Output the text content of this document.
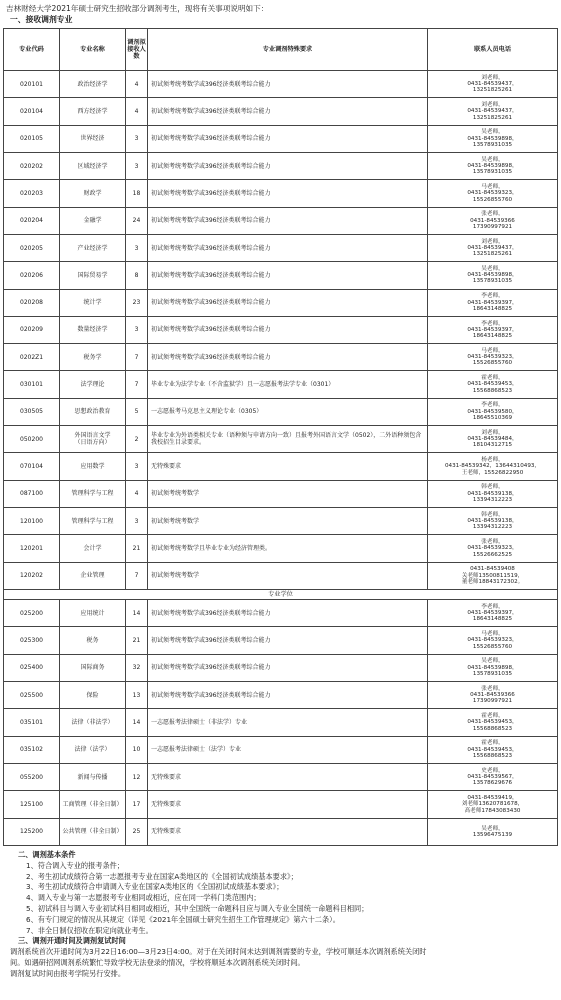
吉林财经大学2021年硕士研究生招收部分调剂考生，现将有关事项说明如下：
一、接收调剂专业
专业代码	专业名称	调剂拟接收人数	专业调剂特殊要求	联系人员电话
020101	政治经济学	4	初试须考统考数学或396经济类联考综合能力	刘老师，
0431-84539437，
13251825261
020104	西方经济学	4	初试须考统考数学或396经济类联考综合能力	刘老师，
0431-84539437，
13251825261
020105	世界经济	3	初试须考统考数学或396经济类联考综合能力	吴老师，
0431-84539898，
13578931035
020202	区域经济学	3	初试须考统考数学或396经济类联考综合能力	吴老师，
0431-84539898，
13578931035
020203	财政学	18	初试须考统考数学或396经济类联考综合能力	马老师，
0431-84539323，
15526855760
020204	金融学	24	初试须考统考数学或396经济类联考综合能力	张老师，
0431-84539366
17390997921
020205	产业经济学	3	初试须考统考数学或396经济类联考综合能力	刘老师，
0431-84539437，
13251825261
020206	国际贸易学	8	初试须考统考数学或396经济类联考综合能力	吴老师，
0431-84539898，
13578931035
020208	统计学	23	初试须考统考数学或396经济类联考综合能力	李老师，
0431-84539397，
18643148825
020209	数量经济学	3	初试须考统考数学或396经济类联考综合能力	李老师，
0431-84539397，
18643148825
0202Z1	税务学	7	初试须考统考数学或396经济类联考综合能力	马老师，
0431-84539323，
15526855760
030101	法学理论	7	毕业专业为法学专业（不含监狱学）且一志愿报考法学专业（0301）	霍老师，
0431-84539453，
15568868523
030505	思想政治教育	5	一志愿报考马克思主义理论专业（0305）	李老师，
0431-84539580，
18645510369
050200	外国语言文学
（日语方向）	2	毕业专业为外语类相关专业（语种须与申请方向一致）且报考外国语言文学（0502），二外语种须包含我校招生目录要求。	刘老师，
0431-84539484，
18104312715
070104	应用数学	3	无特殊要求	杨老师，
0431-84539342，13644310493，
王老师，15526822950
087100	管理科学与工程	4	初试须考统考数学	韩老师，
0431-84539138，
13394312223
120100	管理科学与工程	3	初试须考统考数学	韩老师，
0431-84539138，
13394312223
120201	会计学	21	初试须考统考数学且毕业专业为经济管理类。	张老师，
0431-84539323，
15526662525
120202	企业管理	7	初试须考统考数学	0431-84539408
关老师13500811519，
董老师18843172302。
专业学位				
025200	应用统计	14	初试须考统考数学或396经济类联考综合能力	李老师，
0431-84539397，
18643148825
025300	税务	21	初试须考统考数学或396经济类联考综合能力	马老师，
0431-84539323，
15526855760
025400	国际商务	32	初试须考统考数学或396经济类联考综合能力	吴老师，
0431-84539898，
13578931035
025500	保险	13	初试须考统考数学或396经济类联考综合能力	张老师，
0431-84539366
17390997921
035101	法律（非法学）	14	一志愿报考法律硕士（非法学）专业	霍老师，
0431-84539453，
15568868523
035102	法律（法学）	10	一志愿报考法律硕士（法学）专业	霍老师，
0431-84539453，
15568868523
055200	新闻与传播	12	无特殊要求	史老师，
0431-84539567，
13578629676
125100	工商管理（非全日制）	17	无特殊要求	0431-84539419，
刘老师13620781678，
高老师17843083430
125200	公共管理（非全日制）	25	无特殊要求	吴老师，
13596475139
二、调剂基本条件
1、符合调入专业的报考条件；
2、考生初试成绩符合第一志愿报考专业在国家A类地区的《全国初试成绩基本要求》；
3、考生初试成绩符合申请调入专业在国家A类地区的《全国初试成绩基本要求》；
4、调入专业与第一志愿报考专业相同或相近，应在同一学科门类范围内；
5、初试科目与调入专业初试科目相同或相近，其中全国统一命题科目应与调入专业全国统一命题科目相同；
6、有专门规定的情况从其规定（详见《2021年全国硕士研究生招生工作管理规定》第六十二条）。
7、非全日制仅招收在职定向就业考生。
三、调剂开通时间及调剂复试时间
调剂系统首次开通时间为3月22日16:00—3月23日4:00。对于在关闭时间未达到调剂需要的专业，学校可顺延本次调剂系统关闭时
间。如遇研招网调剂系统繁忙导致学校无法登录的情况，学校将顺延本次调剂系统关闭时间。
调剂复试时间由报考学院另行安排。
